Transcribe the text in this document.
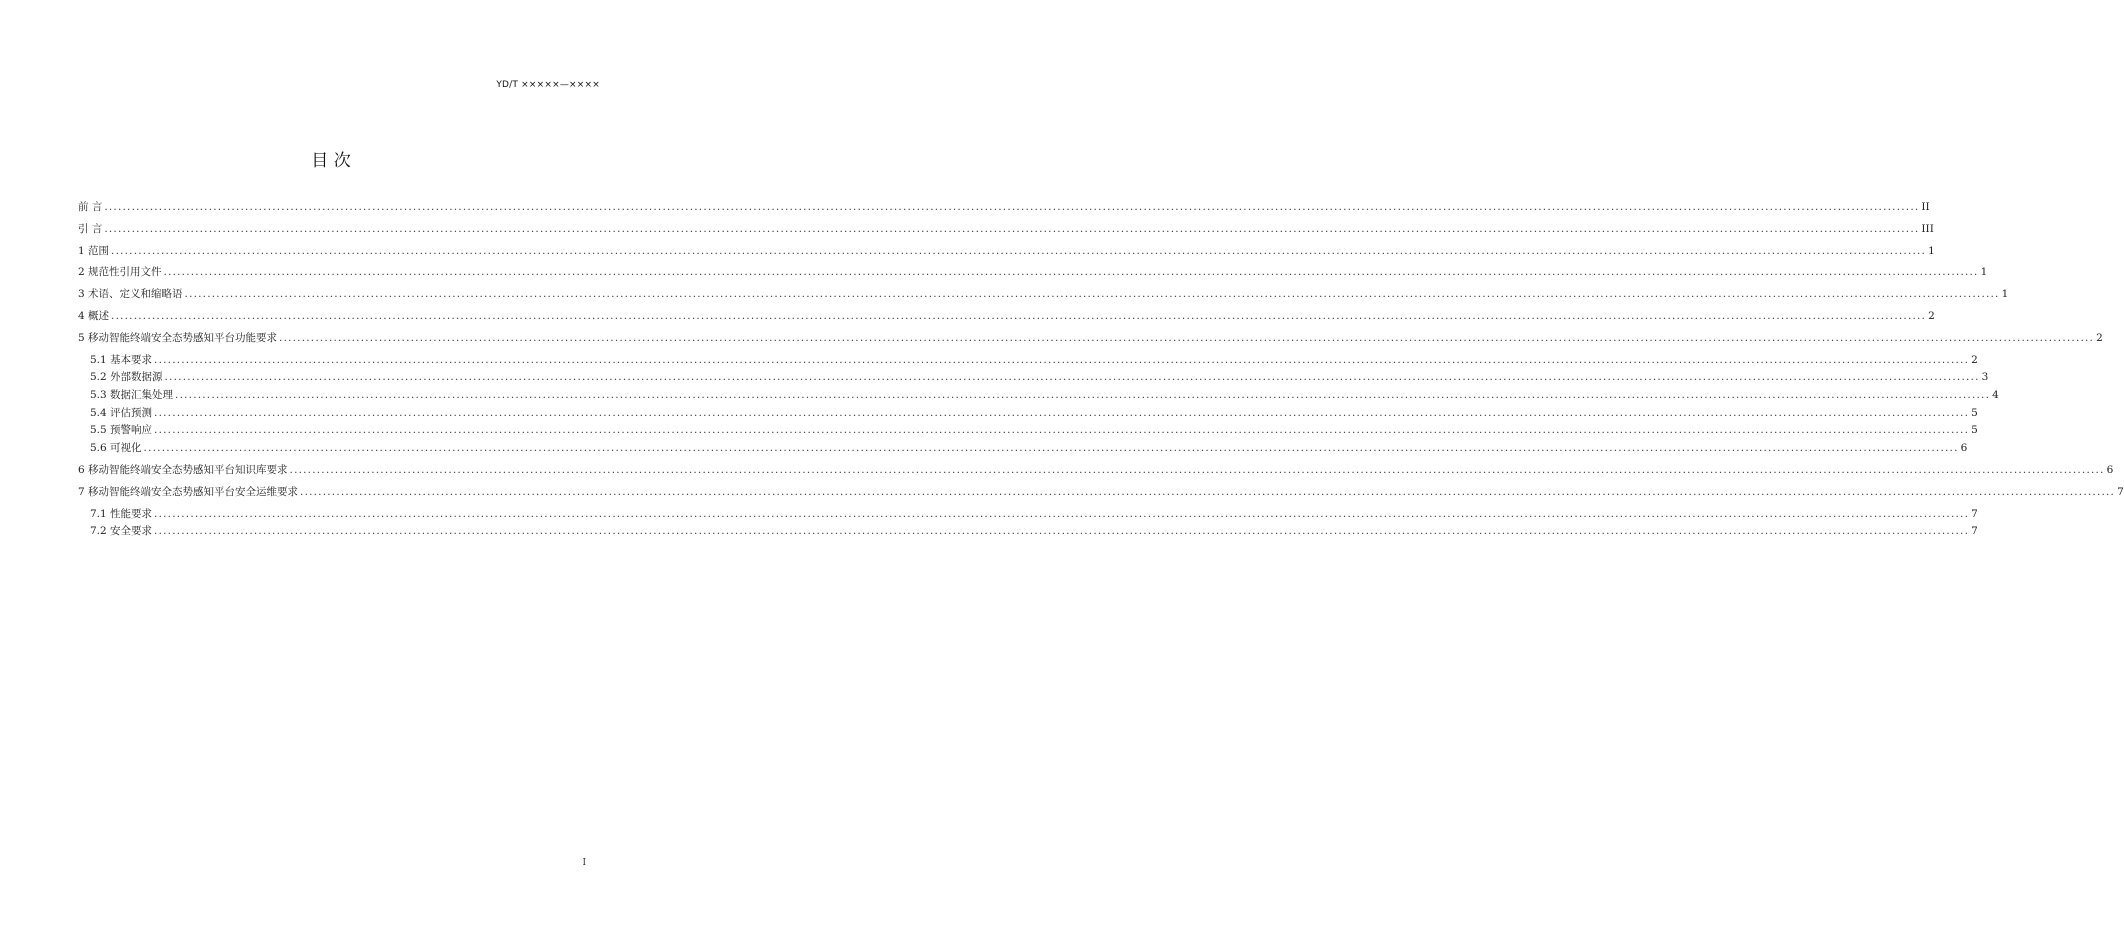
YD/T ×××××—××××
目 次
前 言 ................................................................................................................................................................................................................................................................................................................................................................................................................ II
引 言 ................................................................................................................................................................................................................................................................................................................................................................................................................ III
1 范围 ................................................................................................................................................................................................................................................................................................................................................................................................................ 1
2 规范性引用文件 ................................................................................................................................................................................................................................................................................................................................................................................................................ 1
3 术语、定义和缩略语 ................................................................................................................................................................................................................................................................................................................................................................................................................ 1
4 概述 ................................................................................................................................................................................................................................................................................................................................................................................................................ 2
5 移动智能终端安全态势感知平台功能要求 ................................................................................................................................................................................................................................................................................................................................................................................................................ 2
5.1 基本要求 ................................................................................................................................................................................................................................................................................................................................................................................................................ 2
5.2 外部数据源 ................................................................................................................................................................................................................................................................................................................................................................................................................ 3
5.3 数据汇集处理 ................................................................................................................................................................................................................................................................................................................................................................................................................ 4
5.4 评估预测 ................................................................................................................................................................................................................................................................................................................................................................................................................ 5
5.5 预警响应 ................................................................................................................................................................................................................................................................................................................................................................................................................ 5
5.6 可视化 ................................................................................................................................................................................................................................................................................................................................................................................................................ 6
6 移动智能终端安全态势感知平台知识库要求 ................................................................................................................................................................................................................................................................................................................................................................................................................ 6
7 移动智能终端安全态势感知平台安全运维要求 ................................................................................................................................................................................................................................................................................................................................................................................................................ 7
7.1 性能要求 ................................................................................................................................................................................................................................................................................................................................................................................................................ 7
7.2 安全要求 ................................................................................................................................................................................................................................................................................................................................................................................................................ 7
I
